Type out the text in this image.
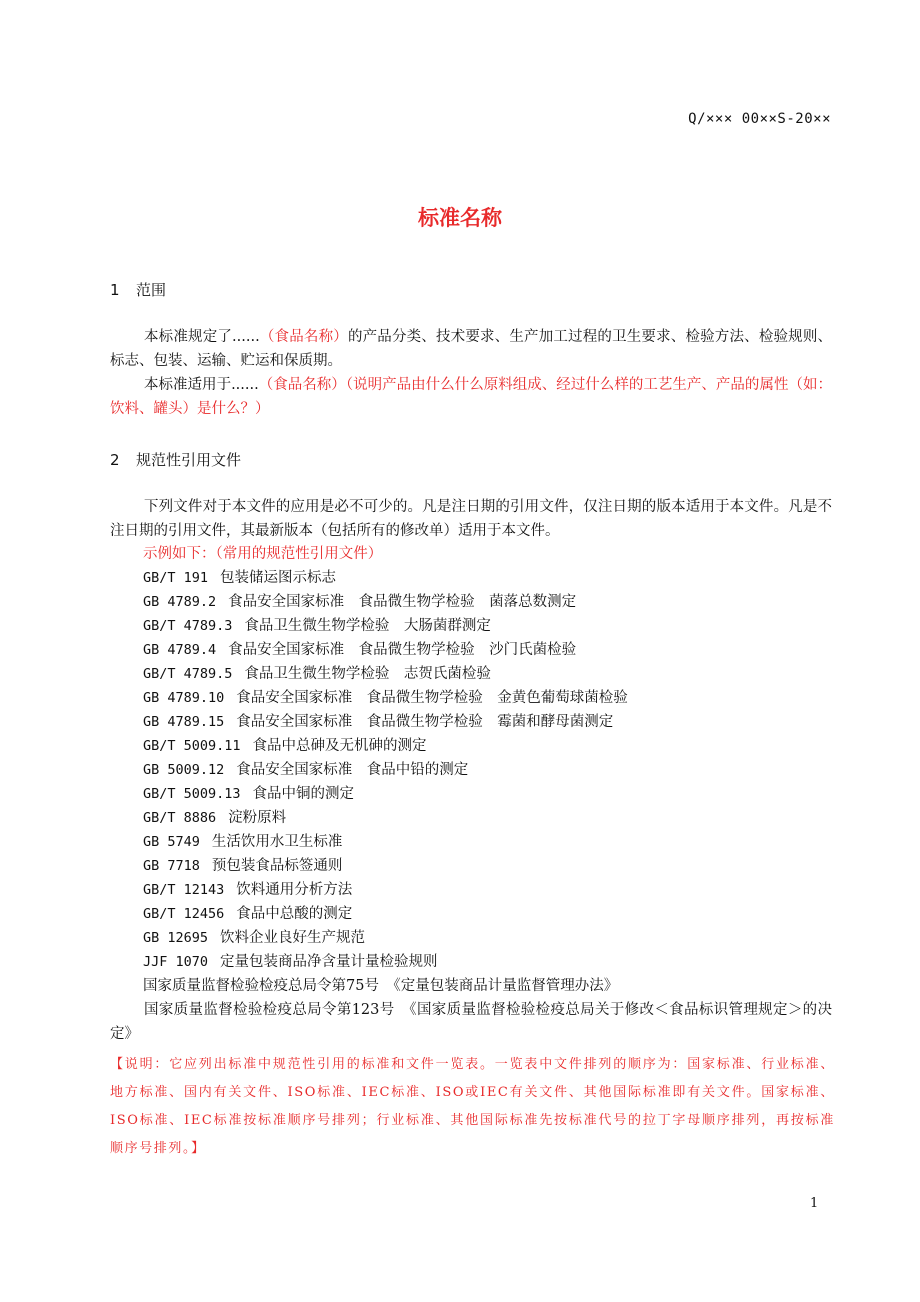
Q/××× 00××S-20××
标准名称
1 范围
本标准规定了......（食品名称）的产品分类、技术要求、生产加工过程的卫生要求、检验方法、检验规则、标志、包装、运输、贮运和保质期。
本标准适用于......（食品名称）（说明产品由什么什么原料组成、经过什么样的工艺生产、产品的属性（如：饮料、罐头）是什么？）
2 规范性引用文件
下列文件对于本文件的应用是必不可少的。凡是注日期的引用文件，仅注日期的版本适用于本文件。凡是不注日期的引用文件，其最新版本（包括所有的修改单）适用于本文件。
示例如下：（常用的规范性引用文件）
GB/T 191 包装储运图示标志
GB 4789.2 食品安全国家标准　食品微生物学检验　菌落总数测定
GB/T 4789.3 食品卫生微生物学检验　大肠菌群测定
GB 4789.4 食品安全国家标准　食品微生物学检验　沙门氏菌检验
GB/T 4789.5 食品卫生微生物学检验　志贺氏菌检验
GB 4789.10 食品安全国家标准　食品微生物学检验　金黄色葡萄球菌检验
GB 4789.15 食品安全国家标准　食品微生物学检验　霉菌和酵母菌测定
GB/T 5009.11 食品中总砷及无机砷的测定
GB 5009.12 食品安全国家标准　食品中铅的测定
GB/T 5009.13 食品中铜的测定
GB/T 8886 淀粉原料
GB 5749 生活饮用水卫生标准
GB 7718 预包装食品标签通则
GB/T 12143 饮料通用分析方法
GB/T 12456 食品中总酸的测定
GB 12695 饮料企业良好生产规范
JJF 1070 定量包装商品净含量计量检验规则
国家质量监督检验检疫总局令第75号　《定量包装商品计量监督管理办法》
国家质量监督检验检疫总局令第123号　《国家质量监督检验检疫总局关于修改＜食品标识管理规定＞的决定》
【说明：它应列出标准中规范性引用的标准和文件一览表。一览表中文件排列的顺序为：国家标准、行业标准、地方标准、国内有关文件、ISO标准、IEC标准、ISO或IEC有关文件、其他国际标准即有关文件。国家标准、ISO标准、IEC标准按标准顺序号排列；行业标准、其他国际标准先按标准代号的拉丁字母顺序排列，再按标准顺序号排列。】
1
